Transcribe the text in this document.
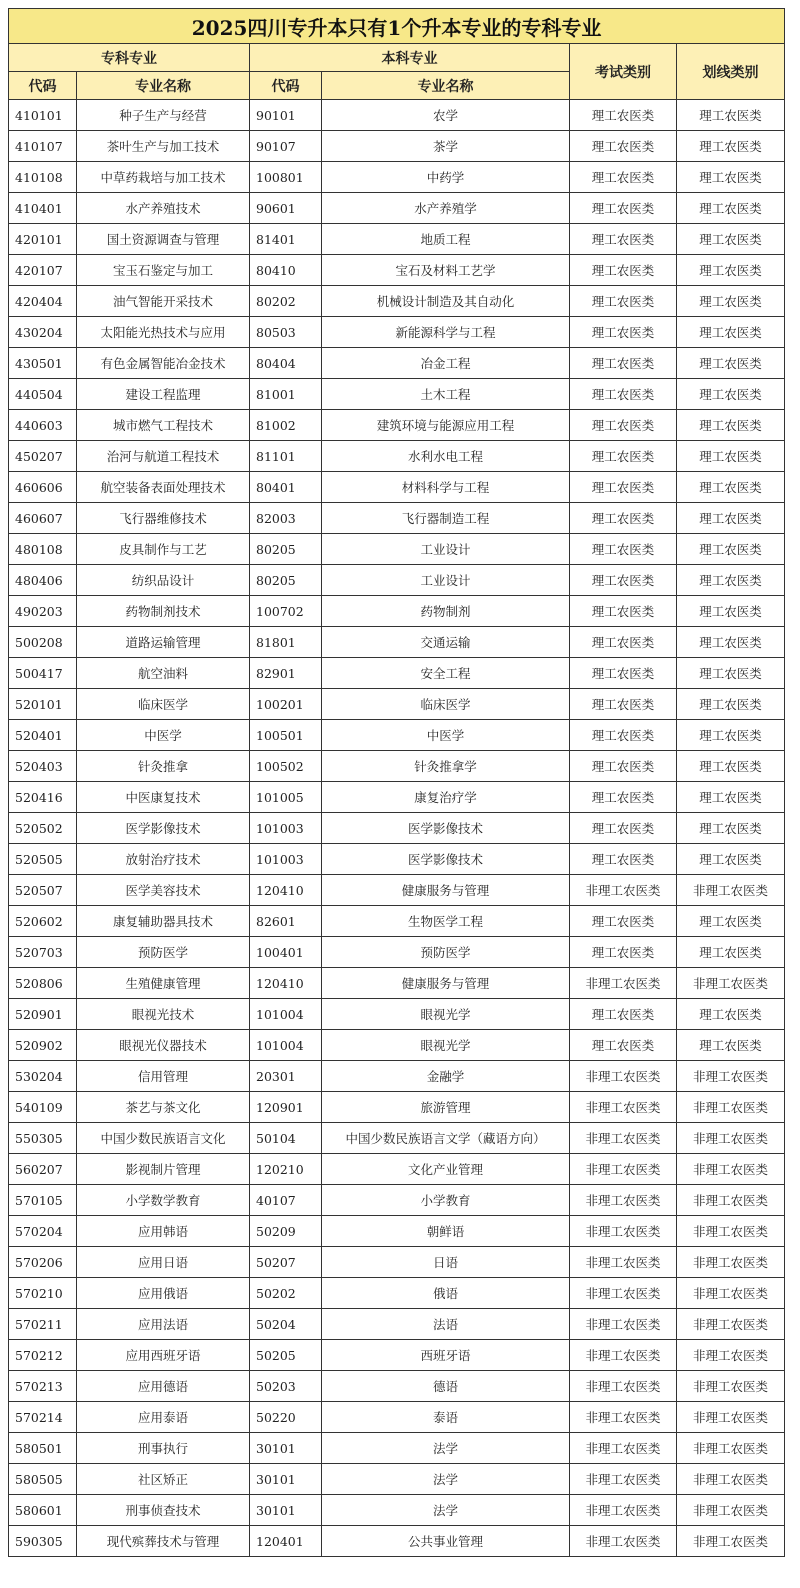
2025四川专升本只有1个升本专业的专科专业					
专科专业		本科专业		考试类别	划线类别
代码	专业名称	代码	专业名称		
410101	种子生产与经营	90101	农学	理工农医类	理工农医类
410107	茶叶生产与加工技术	90107	茶学	理工农医类	理工农医类
410108	中草药栽培与加工技术	100801	中药学	理工农医类	理工农医类
410401	水产养殖技术	90601	水产养殖学	理工农医类	理工农医类
420101	国土资源调查与管理	81401	地质工程	理工农医类	理工农医类
420107	宝玉石鉴定与加工	80410	宝石及材料工艺学	理工农医类	理工农医类
420404	油气智能开采技术	80202	机械设计制造及其自动化	理工农医类	理工农医类
430204	太阳能光热技术与应用	80503	新能源科学与工程	理工农医类	理工农医类
430501	有色金属智能冶金技术	80404	冶金工程	理工农医类	理工农医类
440504	建设工程监理	81001	土木工程	理工农医类	理工农医类
440603	城市燃气工程技术	81002	建筑环境与能源应用工程	理工农医类	理工农医类
450207	治河与航道工程技术	81101	水利水电工程	理工农医类	理工农医类
460606	航空装备表面处理技术	80401	材料科学与工程	理工农医类	理工农医类
460607	飞行器维修技术	82003	飞行器制造工程	理工农医类	理工农医类
480108	皮具制作与工艺	80205	工业设计	理工农医类	理工农医类
480406	纺织品设计	80205	工业设计	理工农医类	理工农医类
490203	药物制剂技术	100702	药物制剂	理工农医类	理工农医类
500208	道路运输管理	81801	交通运输	理工农医类	理工农医类
500417	航空油料	82901	安全工程	理工农医类	理工农医类
520101	临床医学	100201	临床医学	理工农医类	理工农医类
520401	中医学	100501	中医学	理工农医类	理工农医类
520403	针灸推拿	100502	针灸推拿学	理工农医类	理工农医类
520416	中医康复技术	101005	康复治疗学	理工农医类	理工农医类
520502	医学影像技术	101003	医学影像技术	理工农医类	理工农医类
520505	放射治疗技术	101003	医学影像技术	理工农医类	理工农医类
520507	医学美容技术	120410	健康服务与管理	非理工农医类	非理工农医类
520602	康复辅助器具技术	82601	生物医学工程	理工农医类	理工农医类
520703	预防医学	100401	预防医学	理工农医类	理工农医类
520806	生殖健康管理	120410	健康服务与管理	非理工农医类	非理工农医类
520901	眼视光技术	101004	眼视光学	理工农医类	理工农医类
520902	眼视光仪器技术	101004	眼视光学	理工农医类	理工农医类
530204	信用管理	20301	金融学	非理工农医类	非理工农医类
540109	茶艺与茶文化	120901	旅游管理	非理工农医类	非理工农医类
550305	中国少数民族语言文化	50104	中国少数民族语言文学（藏语方向）	非理工农医类	非理工农医类
560207	影视制片管理	120210	文化产业管理	非理工农医类	非理工农医类
570105	小学数学教育	40107	小学教育	非理工农医类	非理工农医类
570204	应用韩语	50209	朝鲜语	非理工农医类	非理工农医类
570206	应用日语	50207	日语	非理工农医类	非理工农医类
570210	应用俄语	50202	俄语	非理工农医类	非理工农医类
570211	应用法语	50204	法语	非理工农医类	非理工农医类
570212	应用西班牙语	50205	西班牙语	非理工农医类	非理工农医类
570213	应用德语	50203	德语	非理工农医类	非理工农医类
570214	应用泰语	50220	泰语	非理工农医类	非理工农医类
580501	刑事执行	30101	法学	非理工农医类	非理工农医类
580505	社区矫正	30101	法学	非理工农医类	非理工农医类
580601	刑事侦查技术	30101	法学	非理工农医类	非理工农医类
590305	现代殡葬技术与管理	120401	公共事业管理	非理工农医类	非理工农医类
